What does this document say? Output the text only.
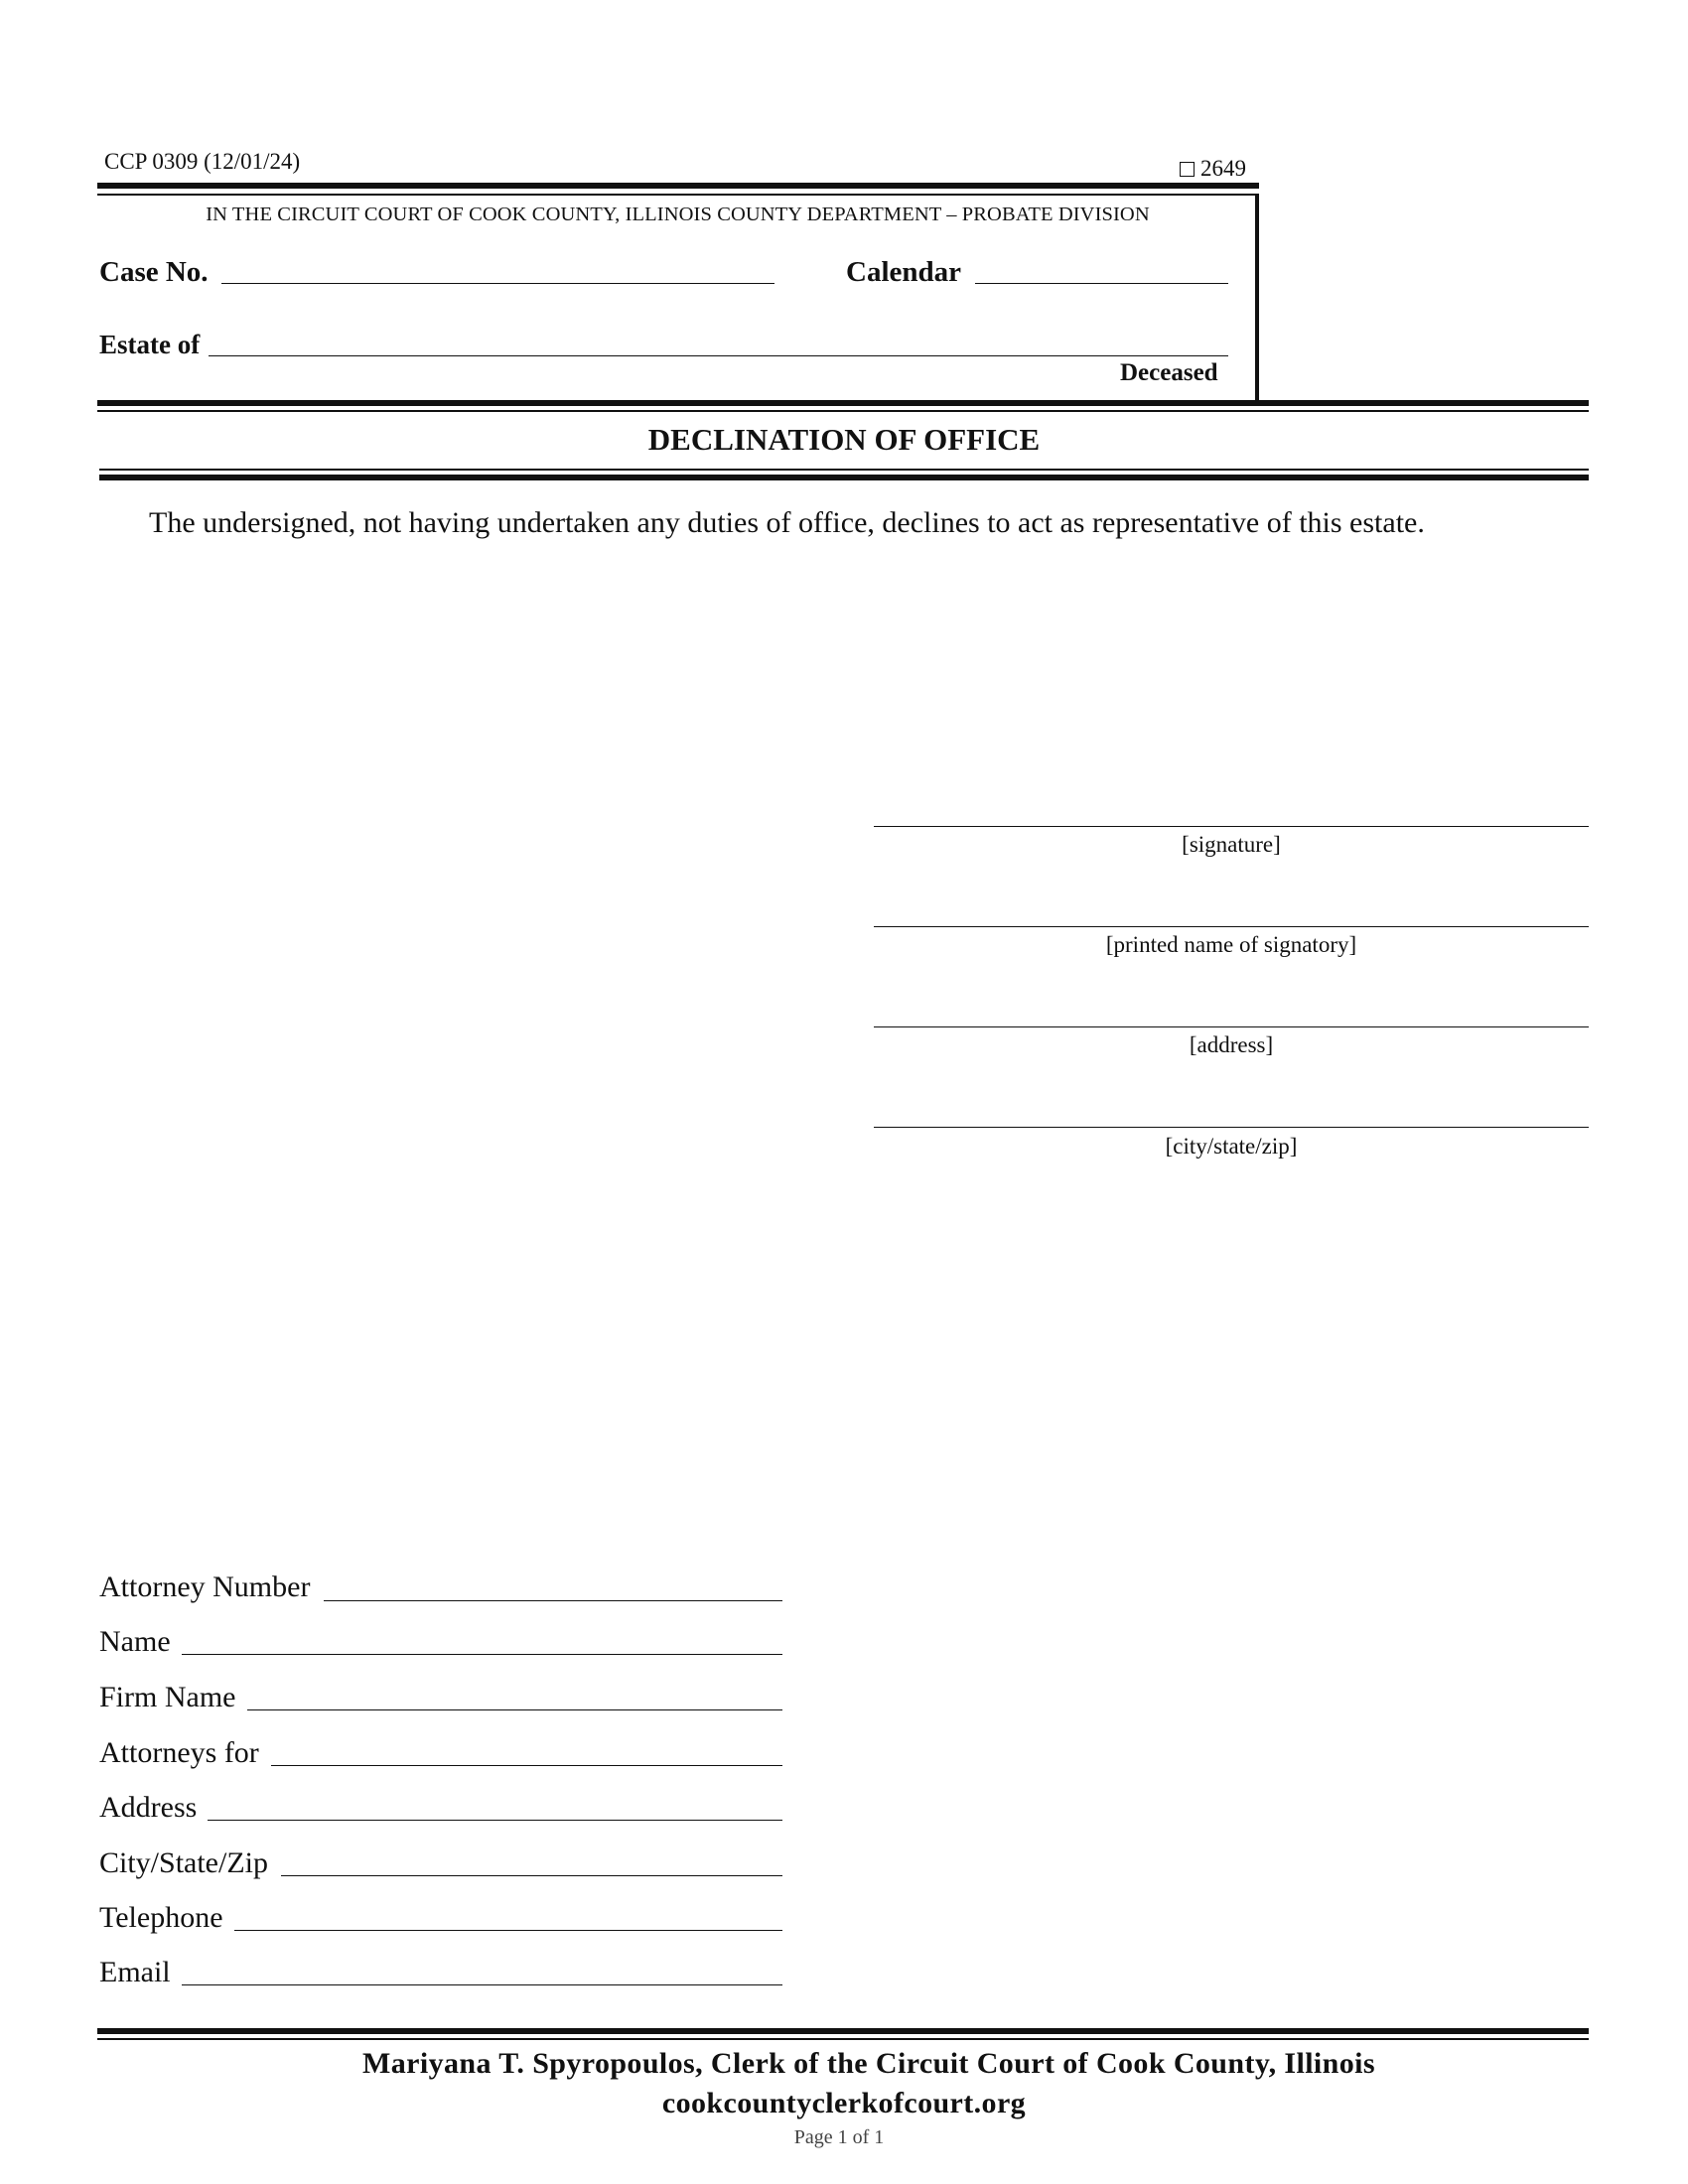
CCP 0309 (12/01/24)	2649
IN THE CIRCUIT COURT OF COOK COUNTY, ILLINOIS COUNTY DEPARTMENT – PROBATE DIVISION
Case No.	Calendar
Estate of
Deceased
DECLINATION OF OFFICE
The undersigned, not having undertaken any duties of office, declines to act as representative of this estate.
[signature]
[printed name of signatory]
[address]
[city/state/zip]
Attorney Number
Name
Firm Name
Attorneys for
Address
City/State/Zip
Telephone
Email
Mariyana T. Spyropoulos, Clerk of the Circuit Court of Cook County, Illinois
cookcountyclerkofcourt.org
Page 1 of 1
